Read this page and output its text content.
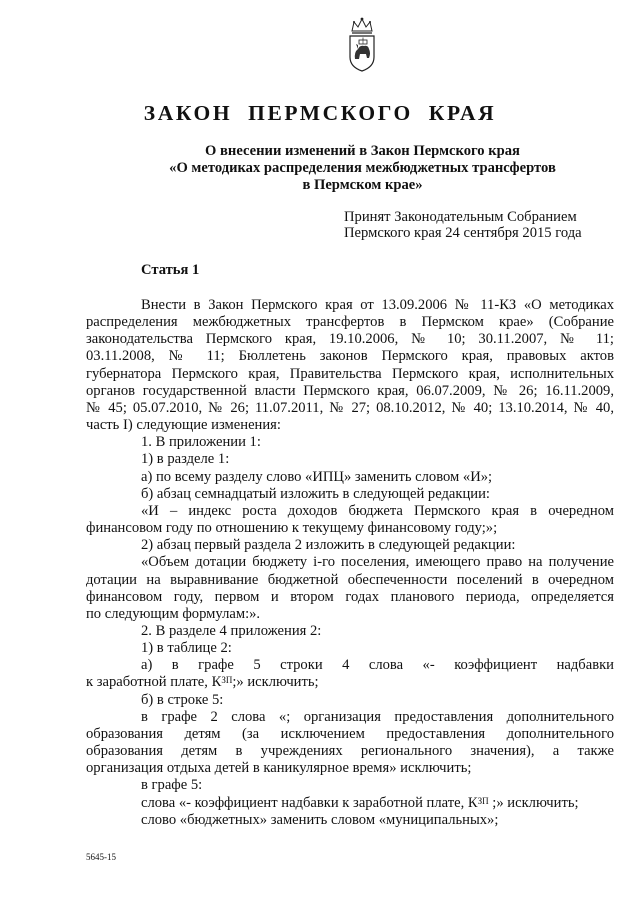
ЗАКОН ПЕРМСКОГО КРАЯ
О внесении изменений в Закон Пермского края
«О методиках распределения межбюджетных трансфертов
в Пермском крае»
Принят Законодательным Собранием
Пермского края 24 сентября 2015 года
Статья 1

Внести в Закон Пермского края от 13.09.2006 № 11-КЗ «О методиках

распределения межбюджетных трансфертов в Пермском крае» (Собрание

законодательства Пермского края, 19.10.2006, № 10; 30.11.2007, № 11;

03.11.2008, № 11; Бюллетень законов Пермского края, правовых актов

губернатора Пермского края, Правительства Пермского края, исполнительных

органов государственной власти Пермского края, 06.07.2009, № 26; 16.11.2009,

№ 45; 05.07.2010, № 26; 11.07.2011, № 27; 08.10.2012, № 40; 13.10.2014, № 40,

часть I) следующие изменения:

1. В приложении 1:

1) в разделе 1:

а) по всему разделу слово «ИПЦ» заменить словом «И»;

б) абзац семнадцатый изложить в следующей редакции:

«И – индекс роста доходов бюджета Пермского края в очередном

финансовом году по отношению к текущему финансовому году;»;

2) абзац первый раздела 2 изложить в следующей редакции:

«Объем дотации бюджету i-го поселения, имеющего право на получение

дотации на выравнивание бюджетной обеспеченности поселений в очередном

финансовом году, первом и втором годах планового периода, определяется

по следующим формулам:».

2. В разделе 4 приложения 2:

1) в таблице 2:

а) в графе 5 строки 4 слова «- коэффициент надбавки

к заработной плате, $К^{ЗП}$;» исключить;

б) в строке 5:

в графе 2 слова «; организация предоставления дополнительного

образования детям (за исключением предоставления дополнительного

образования детям в учреждениях регионального значения), а также

организация отдыха детей в каникулярное время» исключить;

в графе 5:

слова «- коэффициент надбавки к заработной плате, $К^{ЗП}$ ;» исключить;

слово «бюджетных» заменить словом «муниципальных»;

5645-15
